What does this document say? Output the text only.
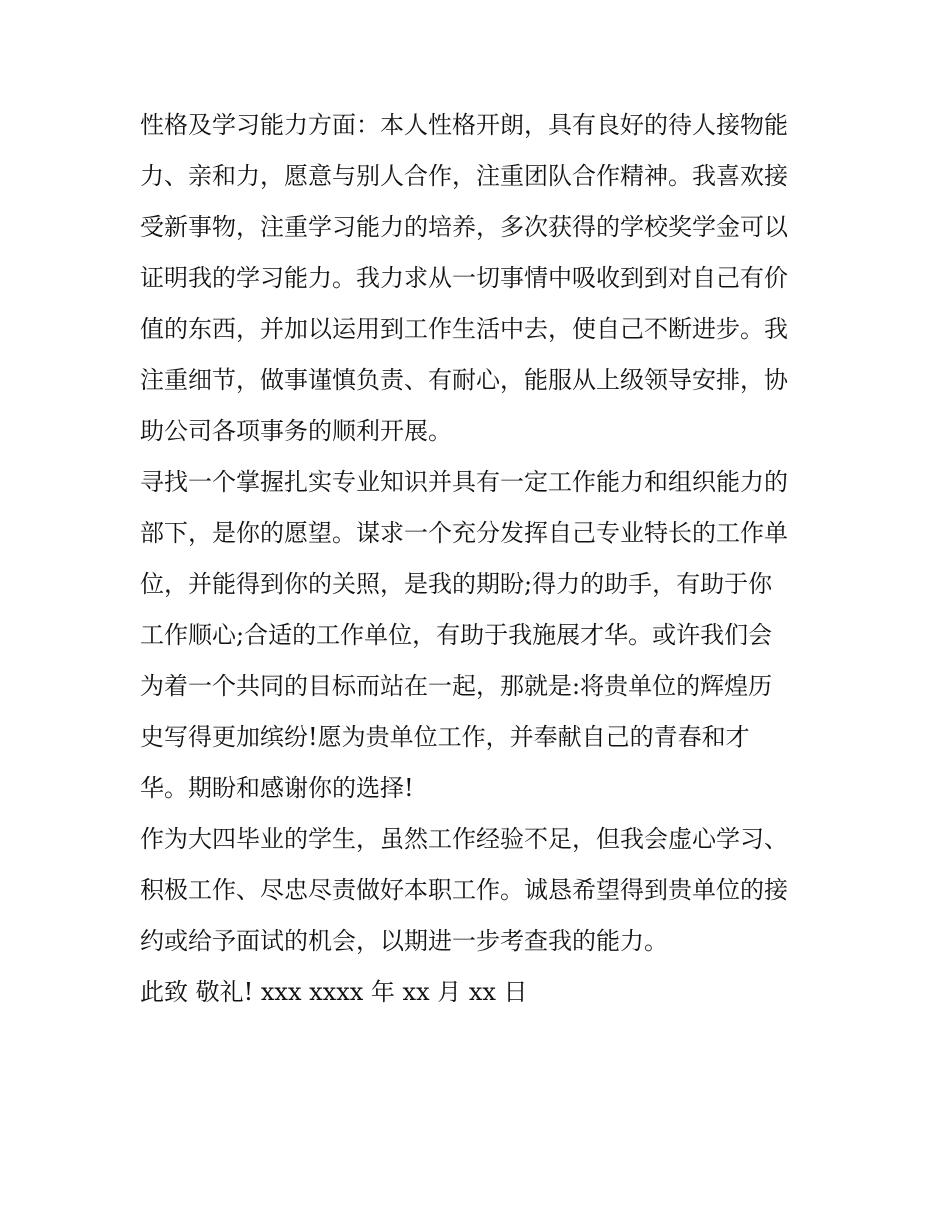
性格及学习能力方面：本人性格开朗，具有良好的待人接物能
力、亲和力，愿意与别人合作，注重团队合作精神。我喜欢接
受新事物，注重学习能力的培养，多次获得的学校奖学金可以
证明我的学习能力。我力求从一切事情中吸收到到对自己有价
值的东西，并加以运用到工作生活中去，使自己不断进步。我
注重细节，做事谨慎负责、有耐心，能服从上级领导安排，协
助公司各项事务的顺利开展。
寻找一个掌握扎实专业知识并具有一定工作能力和组织能力的
部下，是你的愿望。谋求一个充分发挥自己专业特长的工作单
位，并能得到你的关照，是我的期盼;得力的助手，有助于你
工作顺心;合适的工作单位，有助于我施展才华。或许我们会
为着一个共同的目标而站在一起，那就是:将贵单位的辉煌历
史写得更加缤纷!愿为贵单位工作，并奉献自己的青春和才
华。期盼和感谢你的选择!
作为大四毕业的学生，虽然工作经验不足，但我会虚心学习、
积极工作、尽忠尽责做好本职工作。诚恳希望得到贵单位的接
约或给予面试的机会，以期进一步考查我的能力。
此致 敬礼! xxx xxxx 年 xx 月 xx 日
